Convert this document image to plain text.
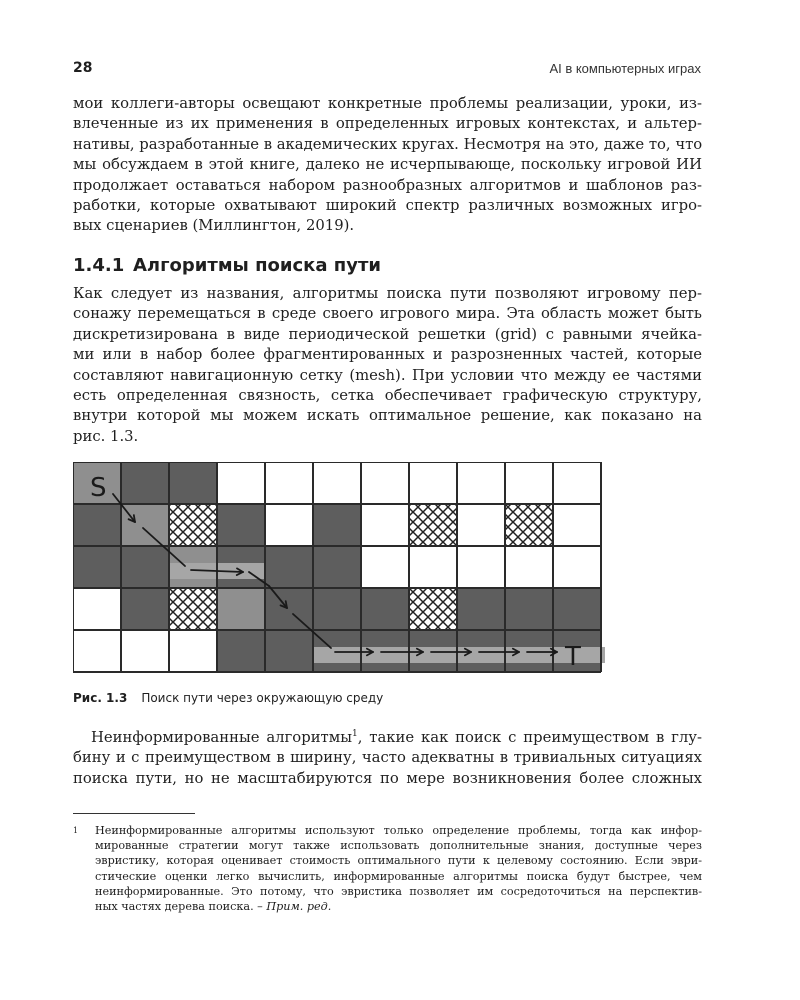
28	AI в компьютерных играх

мои коллеги-авторы освещают конкретные проблемы реализации, уроки, из-
влеченные из их применения в определенных игровых контекстах, и альтер-
нативы, разработанные в академических кругах. Несмотря на это, даже то, что
мы обсуждаем в этой книге, далеко не исчерпывающе, поскольку игровой ИИ
продолжает оставаться набором разнообразных алгоритмов и шаблонов раз-
работки, которые охватывают широкий спектр различных возможных игро-
вых сценариев (Миллингтон, 2019).

1.4.1 Алгоритмы поиска пути

Как следует из названия, алгоритмы поиска пути позволяют игровому пер-
сонажу перемещаться в среде своего игрового мира. Эта область может быть
дискретизирована в виде периодической решетки (grid) с равными ячейка-
ми или в набор более фрагментированных и разрозненных частей, которые
составляют навигационную сетку (mesh). При условии что между ее частями
есть определенная связность, сетка обеспечивает графическую структуру,
внутри которой мы можем искать оптимальное решение, как показано на
рис. 1.3.

S
T
Рис. 1.3 Поиск пути через окружающую среду

Неинформированные алгоритмы$^1$, такие как поиск с преимуществом в глу-
бину и с преимуществом в ширину, часто адекватны в тривиальных ситуациях
поиска пути, но не масштабируются по мере возникновения более сложных

1	Неинформированные алгоритмы используют только определение проблемы, тогда как инфор-
мированные стратегии могут также использовать дополнительные знания, доступные через
эвристику, которая оценивает стоимость оптимального пути к целевому состоянию. Если эври-
стические оценки легко вычислить, информированные алгоритмы поиска будут быстрее, чем
неинформированные. Это потому, что эвристика позволяет им сосредоточиться на перспектив-
ных частях дерева поиска. – Прим. ред.
